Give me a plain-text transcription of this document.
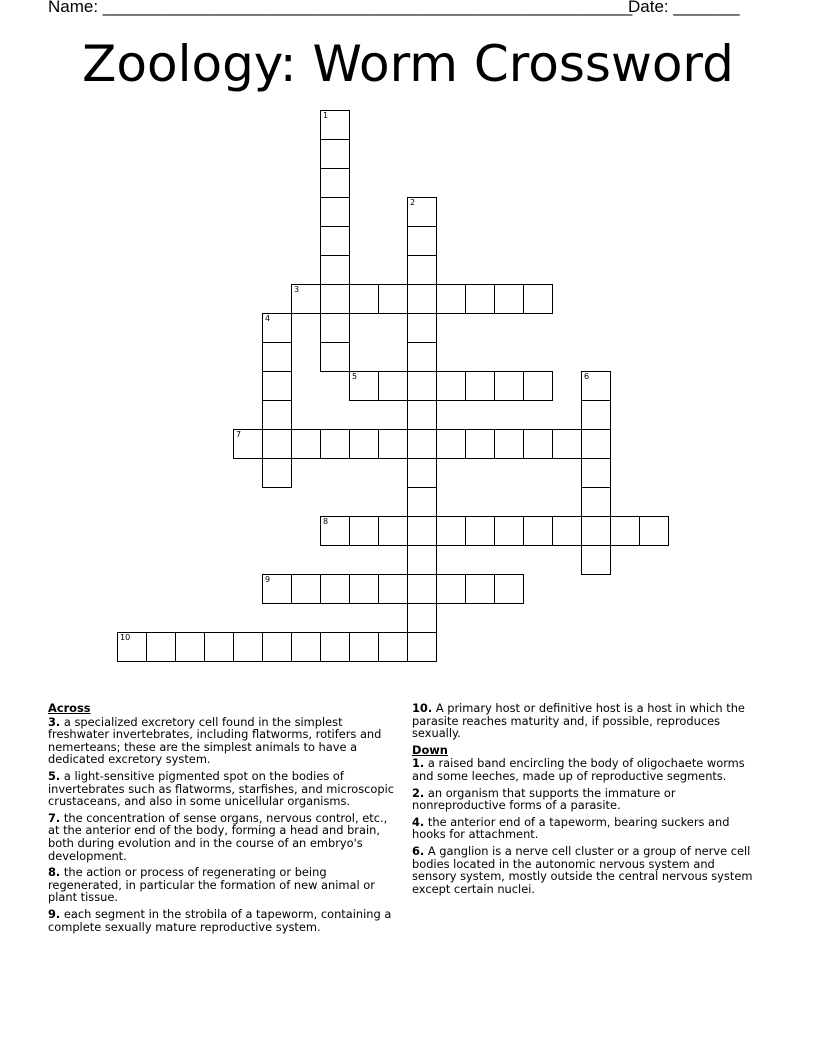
Name: ________________________________________________________
Date: _______
Zoology: Worm Crossword
1
2
3
4
5	6
7
8
9
10
Across
3. a specialized excretory cell found in the simplest freshwater invertebrates, including flatworms, rotifers and nemerteans; these are the simplest animals to have a dedicated excretory system.
5. a light-sensitive pigmented spot on the bodies of invertebrates such as flatworms, starfishes, and microscopic crustaceans, and also in some unicellular organisms.
7. the concentration of sense organs, nervous control, etc., at the anterior end of the body, forming a head and brain, both during evolution and in the course of an embryo's development.
8. the action or process of regenerating or being regenerated, in particular the formation of new animal or plant tissue.
9. each segment in the strobila of a tapeworm, containing a complete sexually mature reproductive system.
10. A primary host or definitive host is a host in which the parasite reaches maturity and, if possible, reproduces sexually.
Down
1. a raised band encircling the body of oligochaete worms and some leeches, made up of reproductive segments.
2. an organism that supports the immature or nonreproductive forms of a parasite.
4. the anterior end of a tapeworm, bearing suckers and hooks for attachment.
6. A ganglion is a nerve cell cluster or a group of nerve cell bodies located in the autonomic nervous system and sensory system, mostly outside the central nervous system except certain nuclei.
